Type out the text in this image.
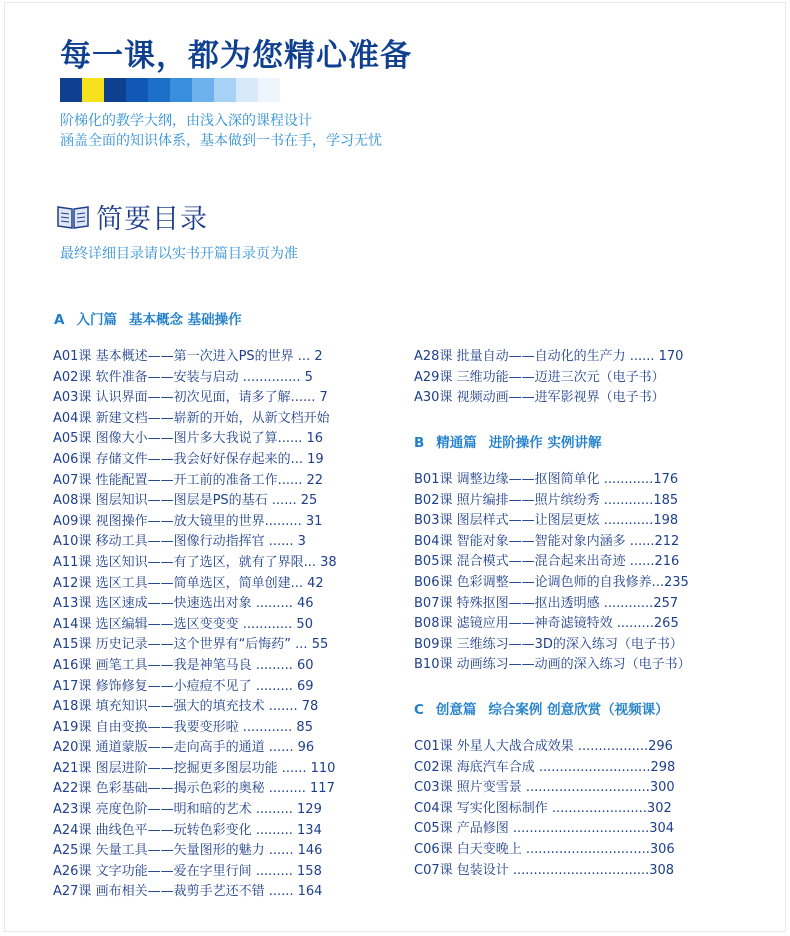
每一课，都为您精心准备
阶梯化的教学大纲，由浅入深的课程设计
涵盖全面的知识体系，基本做到一书在手，学习无忧
简要目录
最终详细目录请以实书开篇目录页为准
A 入门篇 基本概念 基础操作
A01课 基本概述——第一次进入PS的世界 ... 2
A02课 软件准备——安装与启动 .............. 5
A03课 认识界面——初次见面，请多了解...... 7
A04课 新建文档——崭新的开始，从新文档开始
A05课 图像大小——图片多大我说了算...... 16
A06课 存储文件——我会好好保存起来的... 19
A07课 性能配置——开工前的准备工作...... 22
A08课 图层知识——图层是PS的基石 ...... 25
A09课 视图操作——放大镜里的世界......... 31
A10课 移动工具——图像行动指挥官 ...... 3
A11课 选区知识——有了选区，就有了界限... 38
A12课 选区工具——简单选区，简单创建... 42
A13课 选区速成——快速选出对象 ......... 46
A14课 选区编辑——选区变变变 ............ 50
A15课 历史记录——这个世界有“后悔药” ... 55
A16课 画笔工具——我是神笔马良 ......... 60
A17课 修饰修复——小痘痘不见了 ......... 69
A18课 填充知识——强大的填充技术 ....... 78
A19课 自由变换——我要变形啦 ............ 85
A20课 通道蒙版——走向高手的通道 ...... 96
A21课 图层进阶——挖掘更多图层功能 ...... 110
A22课 色彩基础——揭示色彩的奥秘 ......... 117
A23课 亮度色阶——明和暗的艺术 ......... 129
A24课 曲线色平——玩转色彩变化 ......... 134
A25课 矢量工具——矢量图形的魅力 ...... 146
A26课 文字功能——爱在字里行间 ......... 158
A27课 画布相关——裁剪手艺还不错 ...... 164
A28课 批量自动——自动化的生产力 ...... 170
A29课 三维功能——迈进三次元（电子书）
A30课 视频动画——进军影视界（电子书）
B 精通篇 进阶操作 实例讲解
B01课 调整边缘——抠图简单化 ............176
B02课 照片编排——照片缤纷秀 ............185
B03课 图层样式——让图层更炫 ............198
B04课 智能对象——智能对象内涵多 ......212
B05课 混合模式——混合起来出奇迹 ......216
B06课 色彩调整——论调色师的自我修养...235
B07课 特殊抠图——抠出透明感 ............257
B08课 滤镜应用——神奇滤镜特效 .........265
B09课 三维练习——3D的深入练习（电子书）
B10课 动画练习——动画的深入练习（电子书）
C 创意篇 综合案例 创意欣赏（视频课）
C01课 外星人大战合成效果 .................296
C02课 海底汽车合成 ...........................298
C03课 照片变雪景 ..............................300
C04课 写实化图标制作 .......................302
C05课 产品修图 .................................304
C06课 白天变晚上 ..............................306
C07课 包装设计 .................................308
